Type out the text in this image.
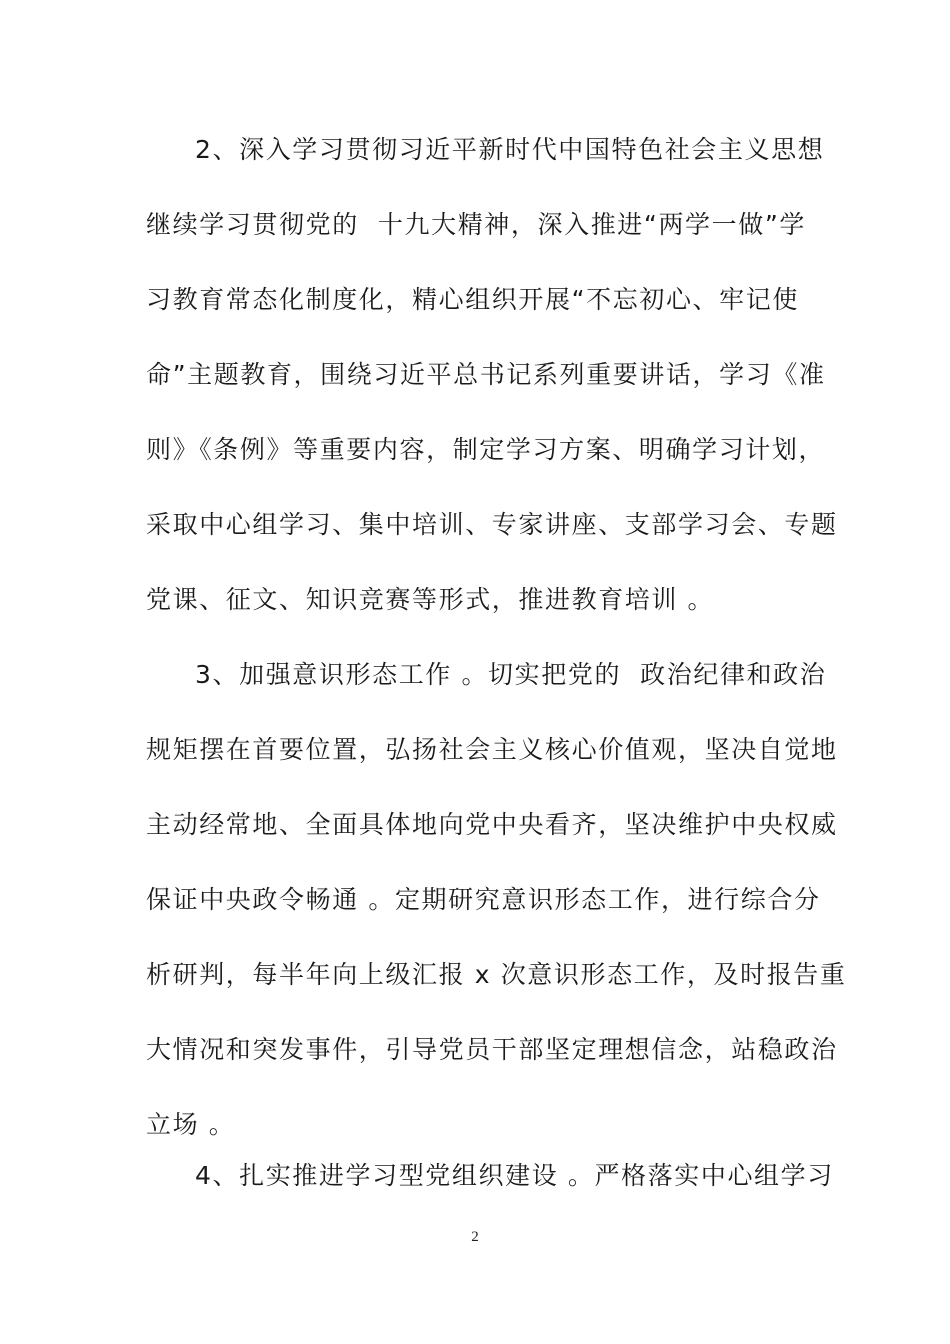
2、深入学习贯彻习近平新时代中国特色社会主义思想
继续学习贯彻党的  十九大精神，深入推进“两学一做”学
习教育常态化制度化，精心组织开展“不忘初心、牢记使
命”主题教育，围绕习近平总书记系列重要讲话，学习《准
则》《条例》等重要内容，制定学习方案、明确学习计划，
采取中心组学习、集中培训、专家讲座、支部学习会、专题
党课、征文、知识竞赛等形式，推进教育培训 。
3、加强意识形态工作 。切实把党的  政治纪律和政治
规矩摆在首要位置，弘扬社会主义核心价值观，坚决自觉地
主动经常地、全面具体地向党中央看齐，坚决维护中央权威
保证中央政令畅通 。定期研究意识形态工作，进行综合分
析研判，每半年向上级汇报 x 次意识形态工作，及时报告重
大情况和突发事件，引导党员干部坚定理想信念，站稳政治
立场 。
4、扎实推进学习型党组织建设 。严格落实中心组学习
2
